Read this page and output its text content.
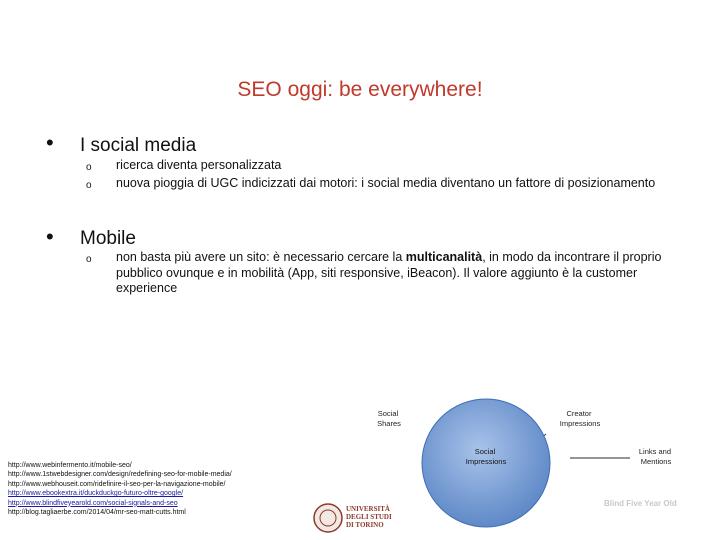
SEO oggi: be everywhere!
• I social media
o ricerca diventa personalizzata
o nuova pioggia di UGC indicizzati dai motori: i social media diventano un fattore di posizionamento
• Mobile
o non basta più avere un sito: è necessario cercare la multicanalità, in modo da incontrare il proprio pubblico ovunque e in mobilità (App, siti responsive, iBeacon). Il valore aggiunto è la customer experience
http://www.webinfermento.it/mobile-seo/
http://www.1stwebdesigner.com/design/redefining-seo-for-mobile-media/
http://www.webhouseit.com/ridefinire-il-seo-per-la-navigazione-mobile/
http://www.ebookextra.it/duckduckgo-futuro-oltre-google/
http://www.blindfiveyearold.com/social-signals-and-seo
http://blog.tagliaerbe.com/2014/04/mr-seo-matt-cutts.html
Social Shares
Creator Impressions
Social Impressions
Links and Mentions
UNIVERSITÀ DEGLI STUDI DI TORINO
Blind Five Year Old
